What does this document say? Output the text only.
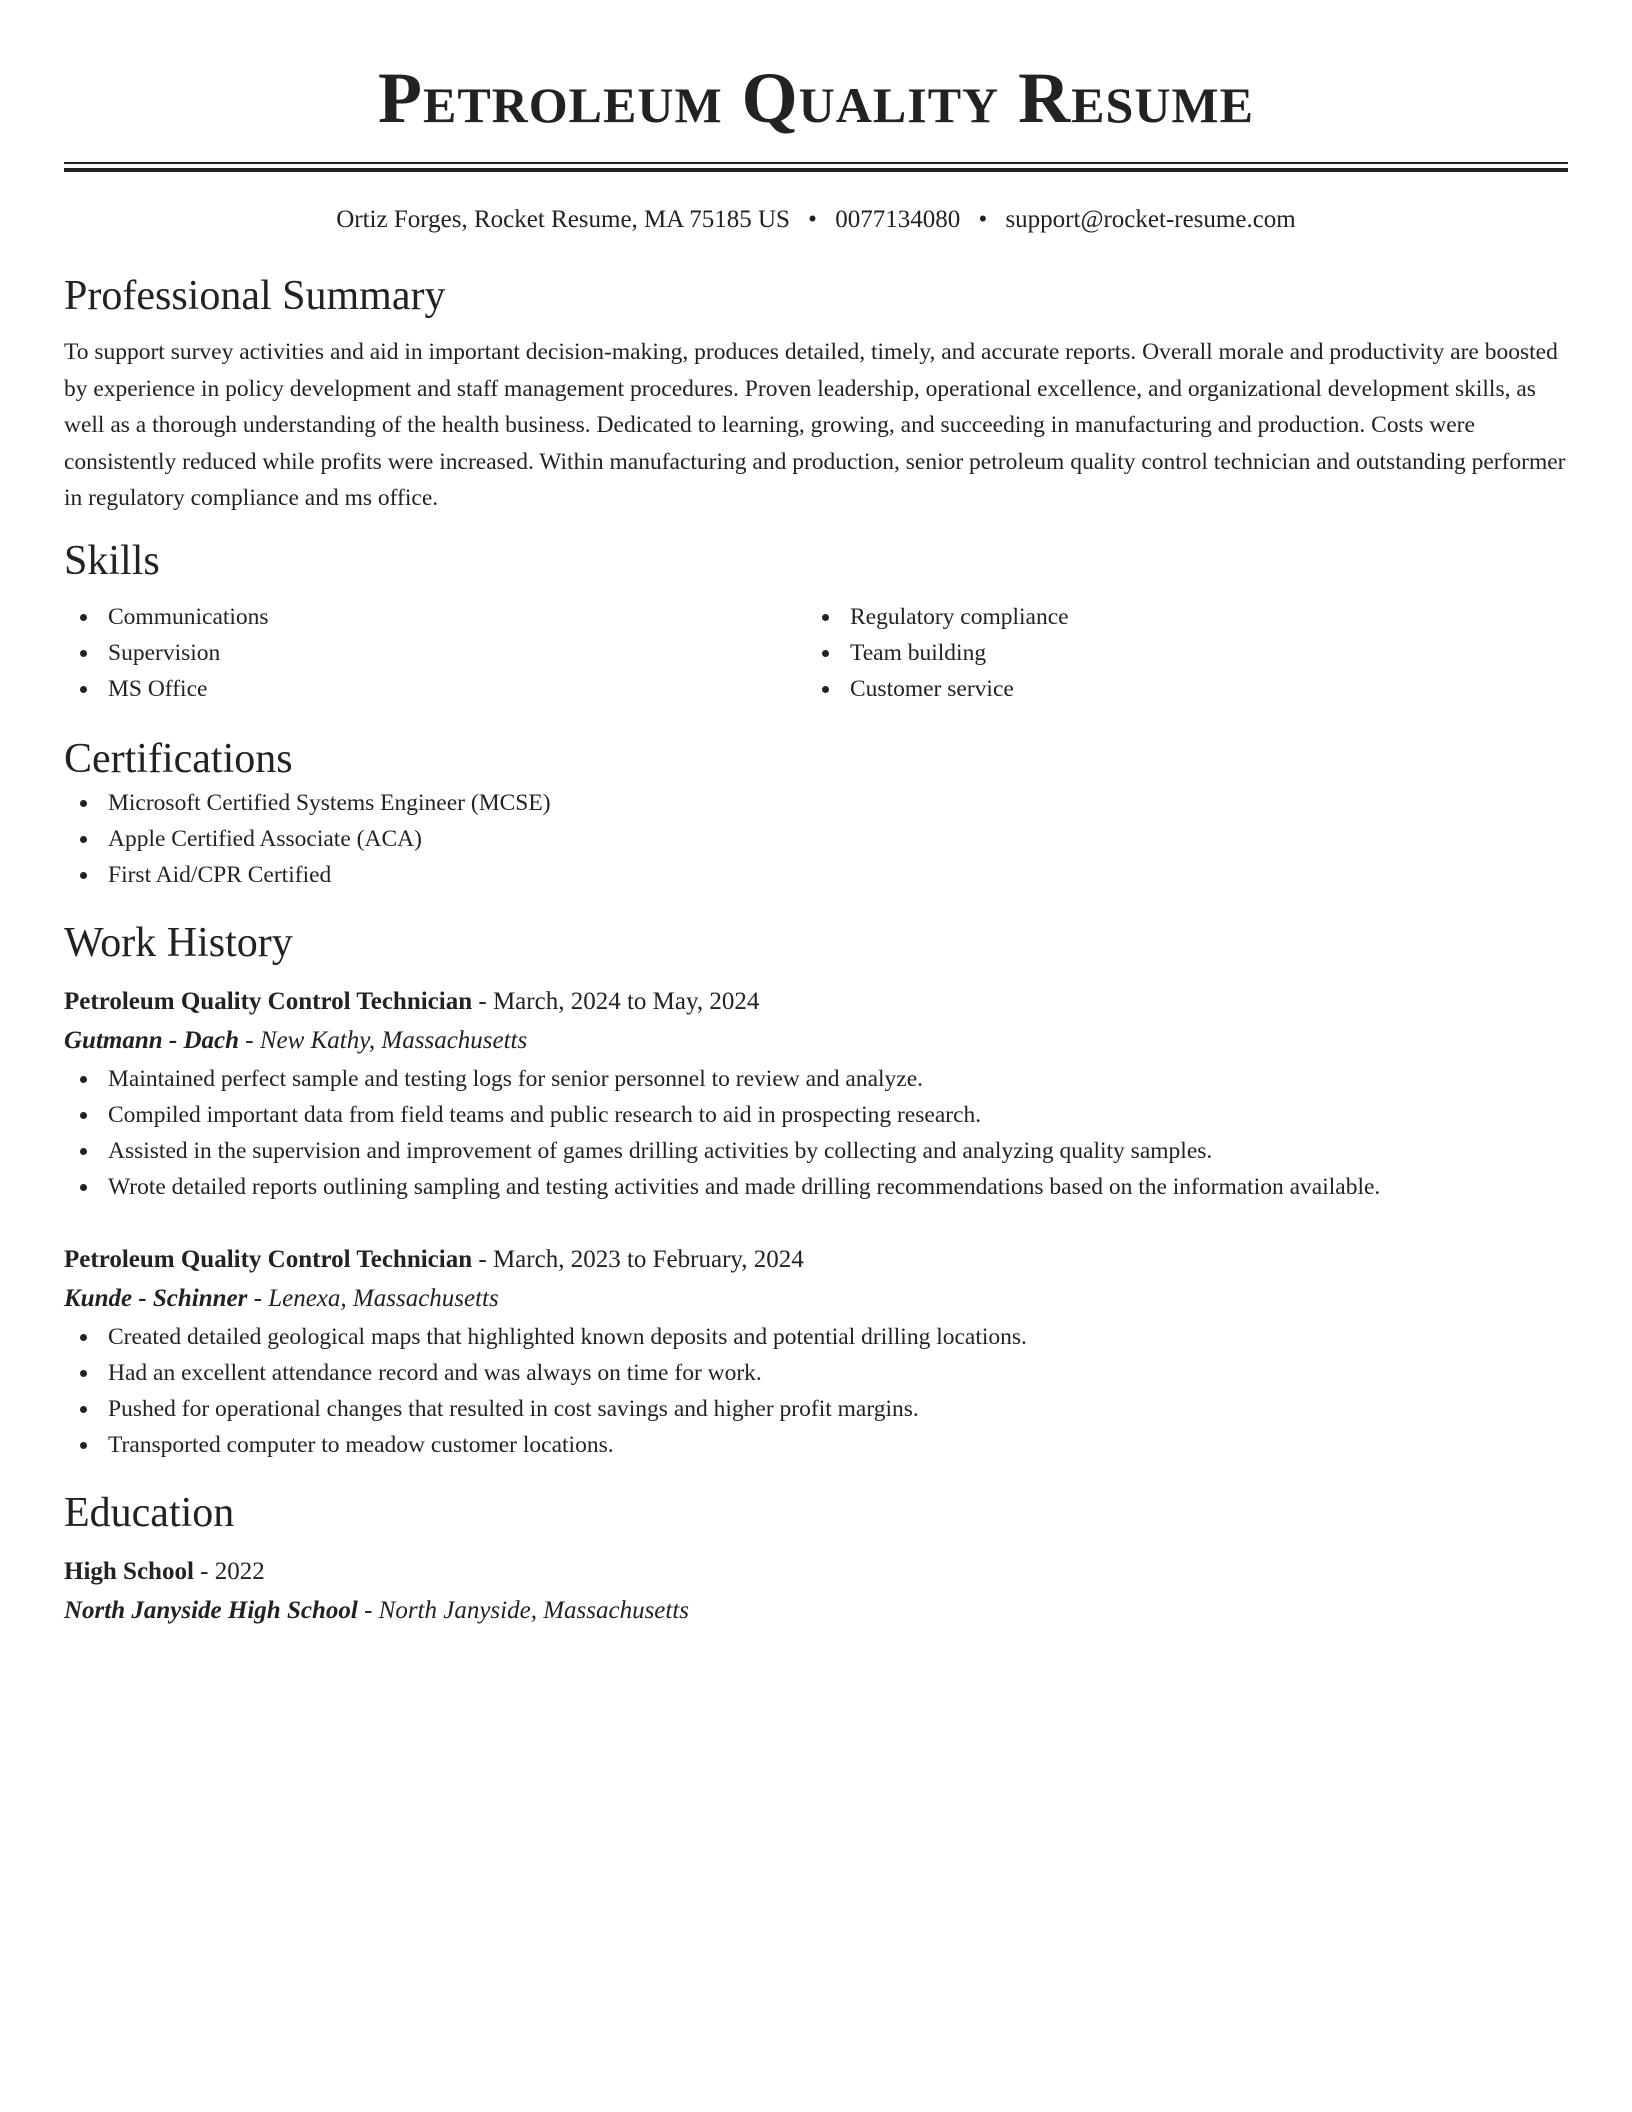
Petroleum Quality Resume
Ortiz Forges, Rocket Resume, MA 75185 US • 0077134080 • support@rocket-resume.com
Professional Summary

To support survey activities and aid in important decision-making, produces detailed, timely, and accurate reports. Overall morale and productivity are boosted by experience in policy development and staff management procedures. Proven leadership, operational excellence, and organizational development skills, as well as a thorough understanding of the health business. Dedicated to learning, growing, and succeeding in manufacturing and production. Costs were consistently reduced while profits were increased. Within manufacturing and production, senior petroleum quality control technician and outstanding performer in regulatory compliance and ms office.

Skills
Communications
Supervision
MS Office
Regulatory compliance
Team building
Customer service
Certifications
Microsoft Certified Systems Engineer (MCSE)
Apple Certified Associate (ACA)
First Aid/CPR Certified
Work History
Petroleum Quality Control Technician - March, 2024 to May, 2024
Gutmann - Dach - New Kathy, Massachusetts
Maintained perfect sample and testing logs for senior personnel to review and analyze.
Compiled important data from field teams and public research to aid in prospecting research.
Assisted in the supervision and improvement of games drilling activities by collecting and analyzing quality samples.
Wrote detailed reports outlining sampling and testing activities and made drilling recommendations based on the information available.
Petroleum Quality Control Technician - March, 2023 to February, 2024
Kunde - Schinner - Lenexa, Massachusetts
Created detailed geological maps that highlighted known deposits and potential drilling locations.
Had an excellent attendance record and was always on time for work.
Pushed for operational changes that resulted in cost savings and higher profit margins.
Transported computer to meadow customer locations.
Education
High School - 2022
North Janyside High School - North Janyside, Massachusetts
